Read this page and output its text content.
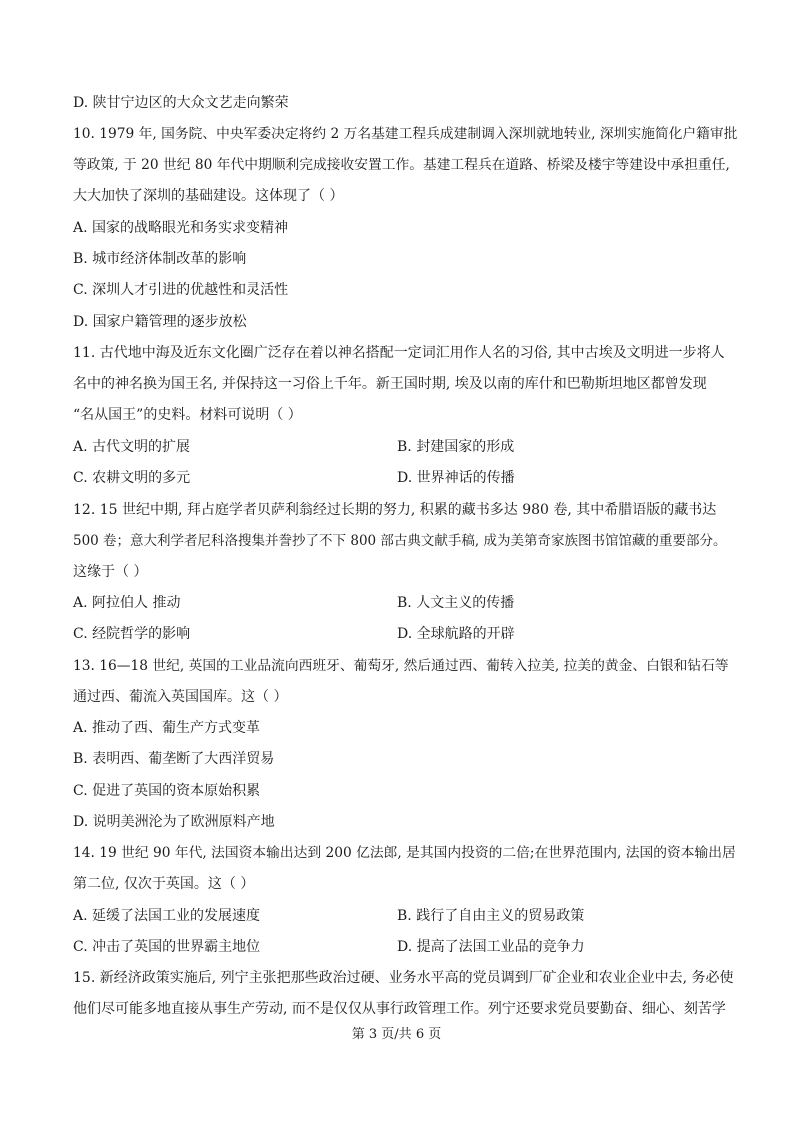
D. 陕甘宁边区的大众文艺走向繁荣
10. 1979 年, 国务院、中央军委决定将约 2 万名基建工程兵成建制调入深圳就地转业, 深圳实施简化户籍审批
等政策, 于 20 世纪 80 年代中期顺利完成接收安置工作。基建工程兵在道路、桥梁及楼宇等建设中承担重任,
大大加快了深圳的基础建设。这体现了（ ）
A. 国家的战略眼光和务实求变精神
B. 城市经济体制改革的影响
C. 深圳人才引进的优越性和灵活性
D. 国家户籍管理的逐步放松
11. 古代地中海及近东文化圈广泛存在着以神名搭配一定词汇用作人名的习俗, 其中古埃及文明进一步将人
名中的神名换为国王名, 并保持这一习俗上千年。新王国时期, 埃及以南的库什和巴勒斯坦地区都曾发现
“名从国王”的史料。材料可说明（ ）
A. 古代文明的扩展	B. 封建国家的形成
C. 农耕文明的多元	D. 世界神话的传播
12. 15 世纪中期, 拜占庭学者贝萨利翁经过长期的努力, 积累的藏书多达 980 卷, 其中希腊语版的藏书达
500 卷；意大利学者尼科洛搜集并誊抄了不下 800 部古典文献手稿, 成为美第奇家族图书馆馆藏的重要部分。
这缘于（ ）
A. 阿拉伯人 推动	B. 人文主义的传播
C. 经院哲学的影响	D. 全球航路的开辟
13. 16—18 世纪, 英国的工业品流向西班牙、葡萄牙, 然后通过西、葡转入拉美, 拉美的黄金、白银和钻石等
通过西、葡流入英国国库。这（ ）
A. 推动了西、葡生产方式变革
B. 表明西、葡垄断了大西洋贸易
C. 促进了英国的资本原始积累
D. 说明美洲沦为了欧洲原料产地
14. 19 世纪 90 年代, 法国资本输出达到 200 亿法郎, 是其国内投资的二倍;在世界范围内, 法国的资本输出居
第二位, 仅次于英国。这（ ）
A. 延缓了法国工业的发展速度	B. 践行了自由主义的贸易政策
C. 冲击了英国的世界霸主地位	D. 提高了法国工业品的竞争力
15. 新经济政策实施后, 列宁主张把那些政治过硬、业务水平高的党员调到厂矿企业和农业企业中去, 务必使
他们尽可能多地直接从事生产劳动, 而不是仅仅从事行政管理工作。列宁还要求党员要勤奋、细心、刻苦学
第 3 页/共 6 页
